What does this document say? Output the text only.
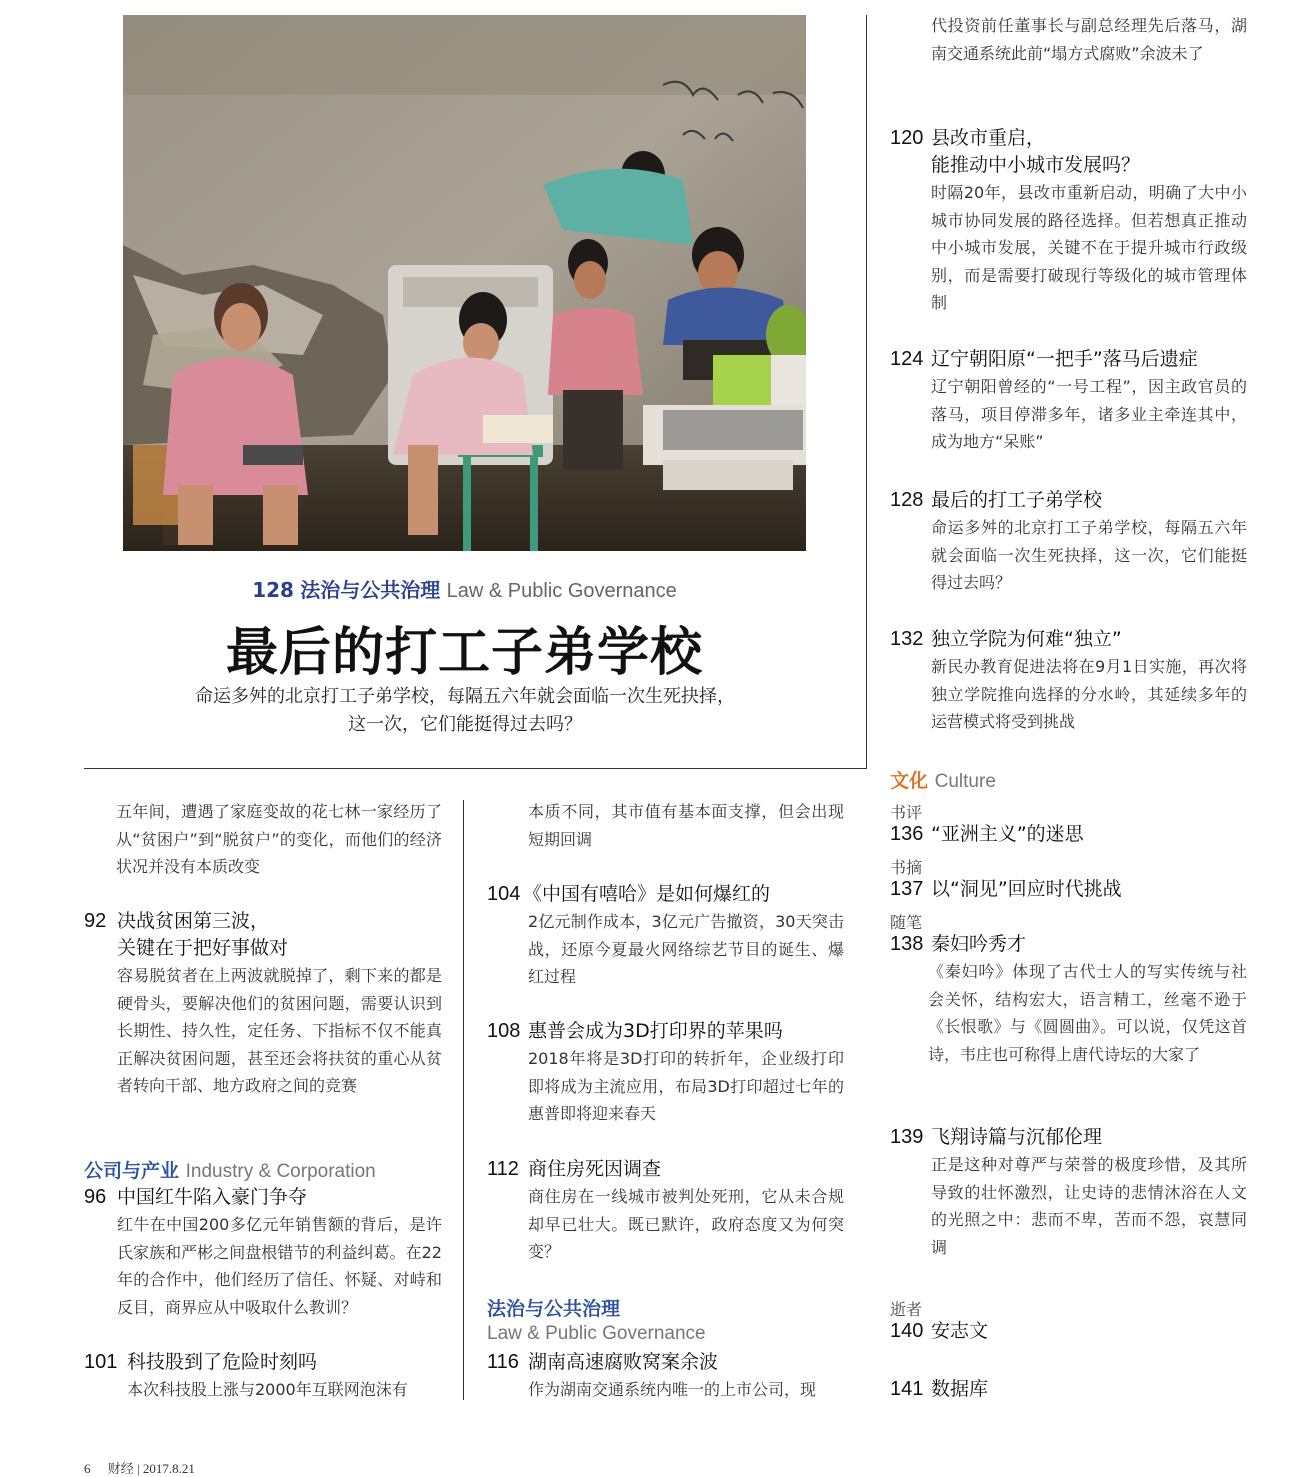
128 法治与公共治理 Law & Public Governance
最后的打工子弟学校
命运多舛的北京打工子弟学校，每隔五六年就会面临一次生死抉择，
这一次，它们能挺得过去吗？
五年间，遭遇了家庭变故的花七林一家经历了从“贫困户”到“脱贫户”的变化，而他们的经济状况并没有本质改变
92 决战贫困第三波，
关键在于把好事做对
容易脱贫者在上两波就脱掉了，剩下来的都是硬骨头，要解决他们的贫困问题，需要认识到长期性、持久性，定任务、下指标不仅不能真正解决贫困问题，甚至还会将扶贫的重心从贫者转向干部、地方政府之间的竞赛
公司与产业 Industry & Corporation
96 中国红牛陷入豪门争夺
红牛在中国200多亿元年销售额的背后，是许氏家族和严彬之间盘根错节的利益纠葛。在22年的合作中，他们经历了信任、怀疑、对峙和反目，商界应从中吸取什么教训？
101 科技股到了危险时刻吗
本次科技股上涨与2000年互联网泡沫有
本质不同，其市值有基本面支撑，但会出现短期回调
104 《中国有嘻哈》是如何爆红的
2亿元制作成本，3亿元广告撤资，30天突击战，还原今夏最火网络综艺节目的诞生、爆红过程
108 惠普会成为3D打印界的苹果吗
2018年将是3D打印的转折年，企业级打印即将成为主流应用，布局3D打印超过七年的惠普即将迎来春天
112 商住房死因调查
商住房在一线城市被判处死刑，它从未合规却早已壮大。既已默许，政府态度又为何突变？
法治与公共治理
Law & Public Governance
116 湖南高速腐败窝案余波
作为湖南交通系统内唯一的上市公司，现
代投资前任董事长与副总经理先后落马，湖南交通系统此前“塌方式腐败”余波未了
120 县改市重启，
能推动中小城市发展吗？
时隔20年，县改市重新启动，明确了大中小城市协同发展的路径选择。但若想真正推动中小城市发展，关键不在于提升城市行政级别，而是需要打破现行等级化的城市管理体制
124 辽宁朝阳原“一把手”落马后遗症
辽宁朝阳曾经的“一号工程”，因主政官员的落马，项目停滞多年，诸多业主牵连其中，成为地方“呆账”
128 最后的打工子弟学校
命运多舛的北京打工子弟学校，每隔五六年就会面临一次生死抉择，这一次，它们能挺得过去吗？
132 独立学院为何难“独立”
新民办教育促进法将在9月1日实施，再次将独立学院推向选择的分水岭，其延续多年的运营模式将受到挑战
文化 Culture
书评
136 “亚洲主义”的迷思
书摘
137 以“洞见”回应时代挑战
随笔
138 秦妇吟秀才
《秦妇吟》体现了古代士人的写实传统与社会关怀，结构宏大，语言精工，丝毫不逊于《长恨歌》与《圆圆曲》。可以说，仅凭这首诗，韦庄也可称得上唐代诗坛的大家了
139 飞翔诗篇与沉郁伦理
正是这种对尊严与荣誉的极度珍惜，及其所导致的壮怀激烈，让史诗的悲情沐浴在人文的光照之中：悲而不卑，苦而不怨，哀慧同调
逝者
140 安志文
141 数据库
6 财经 | 2017.8.21
